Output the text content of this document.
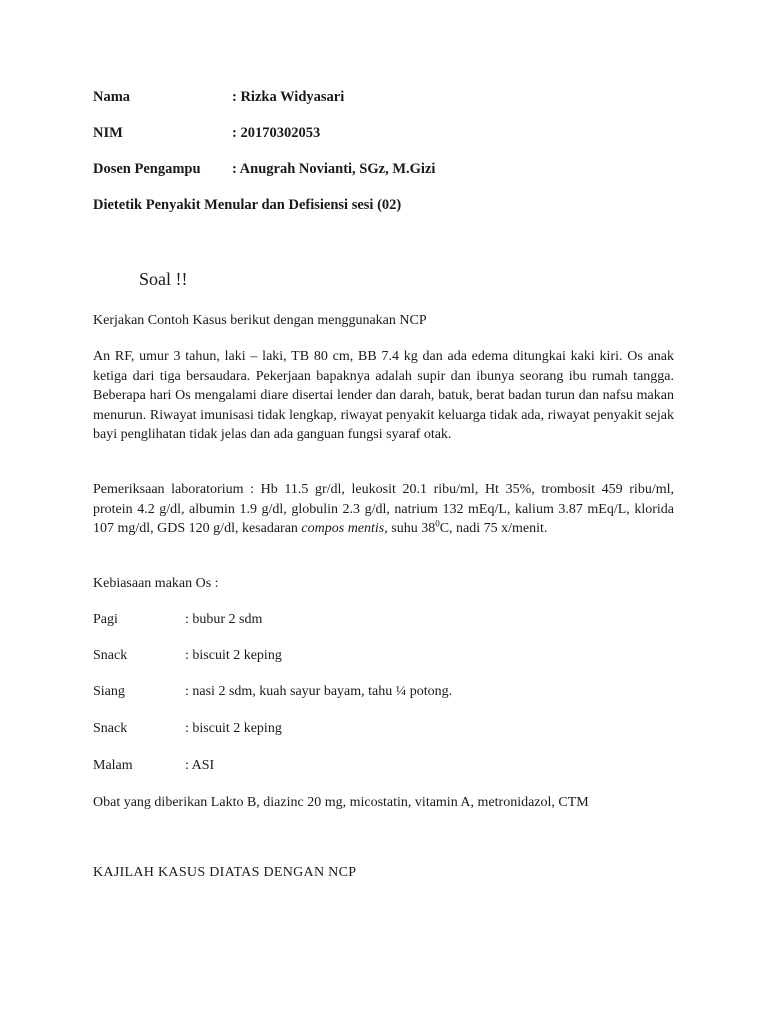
Nama	: Rizka Widyasari
NIM	: 20170302053
Dosen Pengampu : Anugrah Novianti, SGz, M.Gizi
Dietetik Penyakit Menular dan Defisiensi sesi (02)
Soal !!
Kerjakan Contoh Kasus berikut dengan menggunakan NCP
An RF, umur 3 tahun, laki – laki, TB 80 cm, BB 7.4 kg dan ada edema ditungkai kaki kiri. Os anak ketiga dari tiga bersaudara. Pekerjaan bapaknya adalah supir dan ibunya seorang ibu rumah tangga. Beberapa hari Os mengalami diare disertai lender dan darah, batuk, berat badan turun dan nafsu makan menurun. Riwayat imunisasi tidak lengkap, riwayat penyakit keluarga tidak ada, riwayat penyakit sejak bayi penglihatan tidak jelas dan ada ganguan fungsi syaraf otak.
Pemeriksaan laboratorium : Hb 11.5 gr/dl, leukosit 20.1 ribu/ml, Ht 35%, trombosit 459 ribu/ml, protein 4.2 g/dl, albumin 1.9 g/dl, globulin 2.3 g/dl, natrium 132 mEq/L, kalium 3.87 mEq/L, klorida 107 mg/dl, GDS 120 g/dl, kesadaran compos mentis, suhu $38^0C$, nadi 75 x/menit.
Kebiasaan makan Os :
Pagi	: bubur 2 sdm
Snack	: biscuit 2 keping
Siang	: nasi 2 sdm, kuah sayur bayam, tahu ¼ potong.
Snack	: biscuit 2 keping
Malam	: ASI
Obat yang diberikan Lakto B, diazinc 20 mg, micostatin, vitamin A, metronidazol, CTM
KAJILAH KASUS DIATAS DENGAN NCP
